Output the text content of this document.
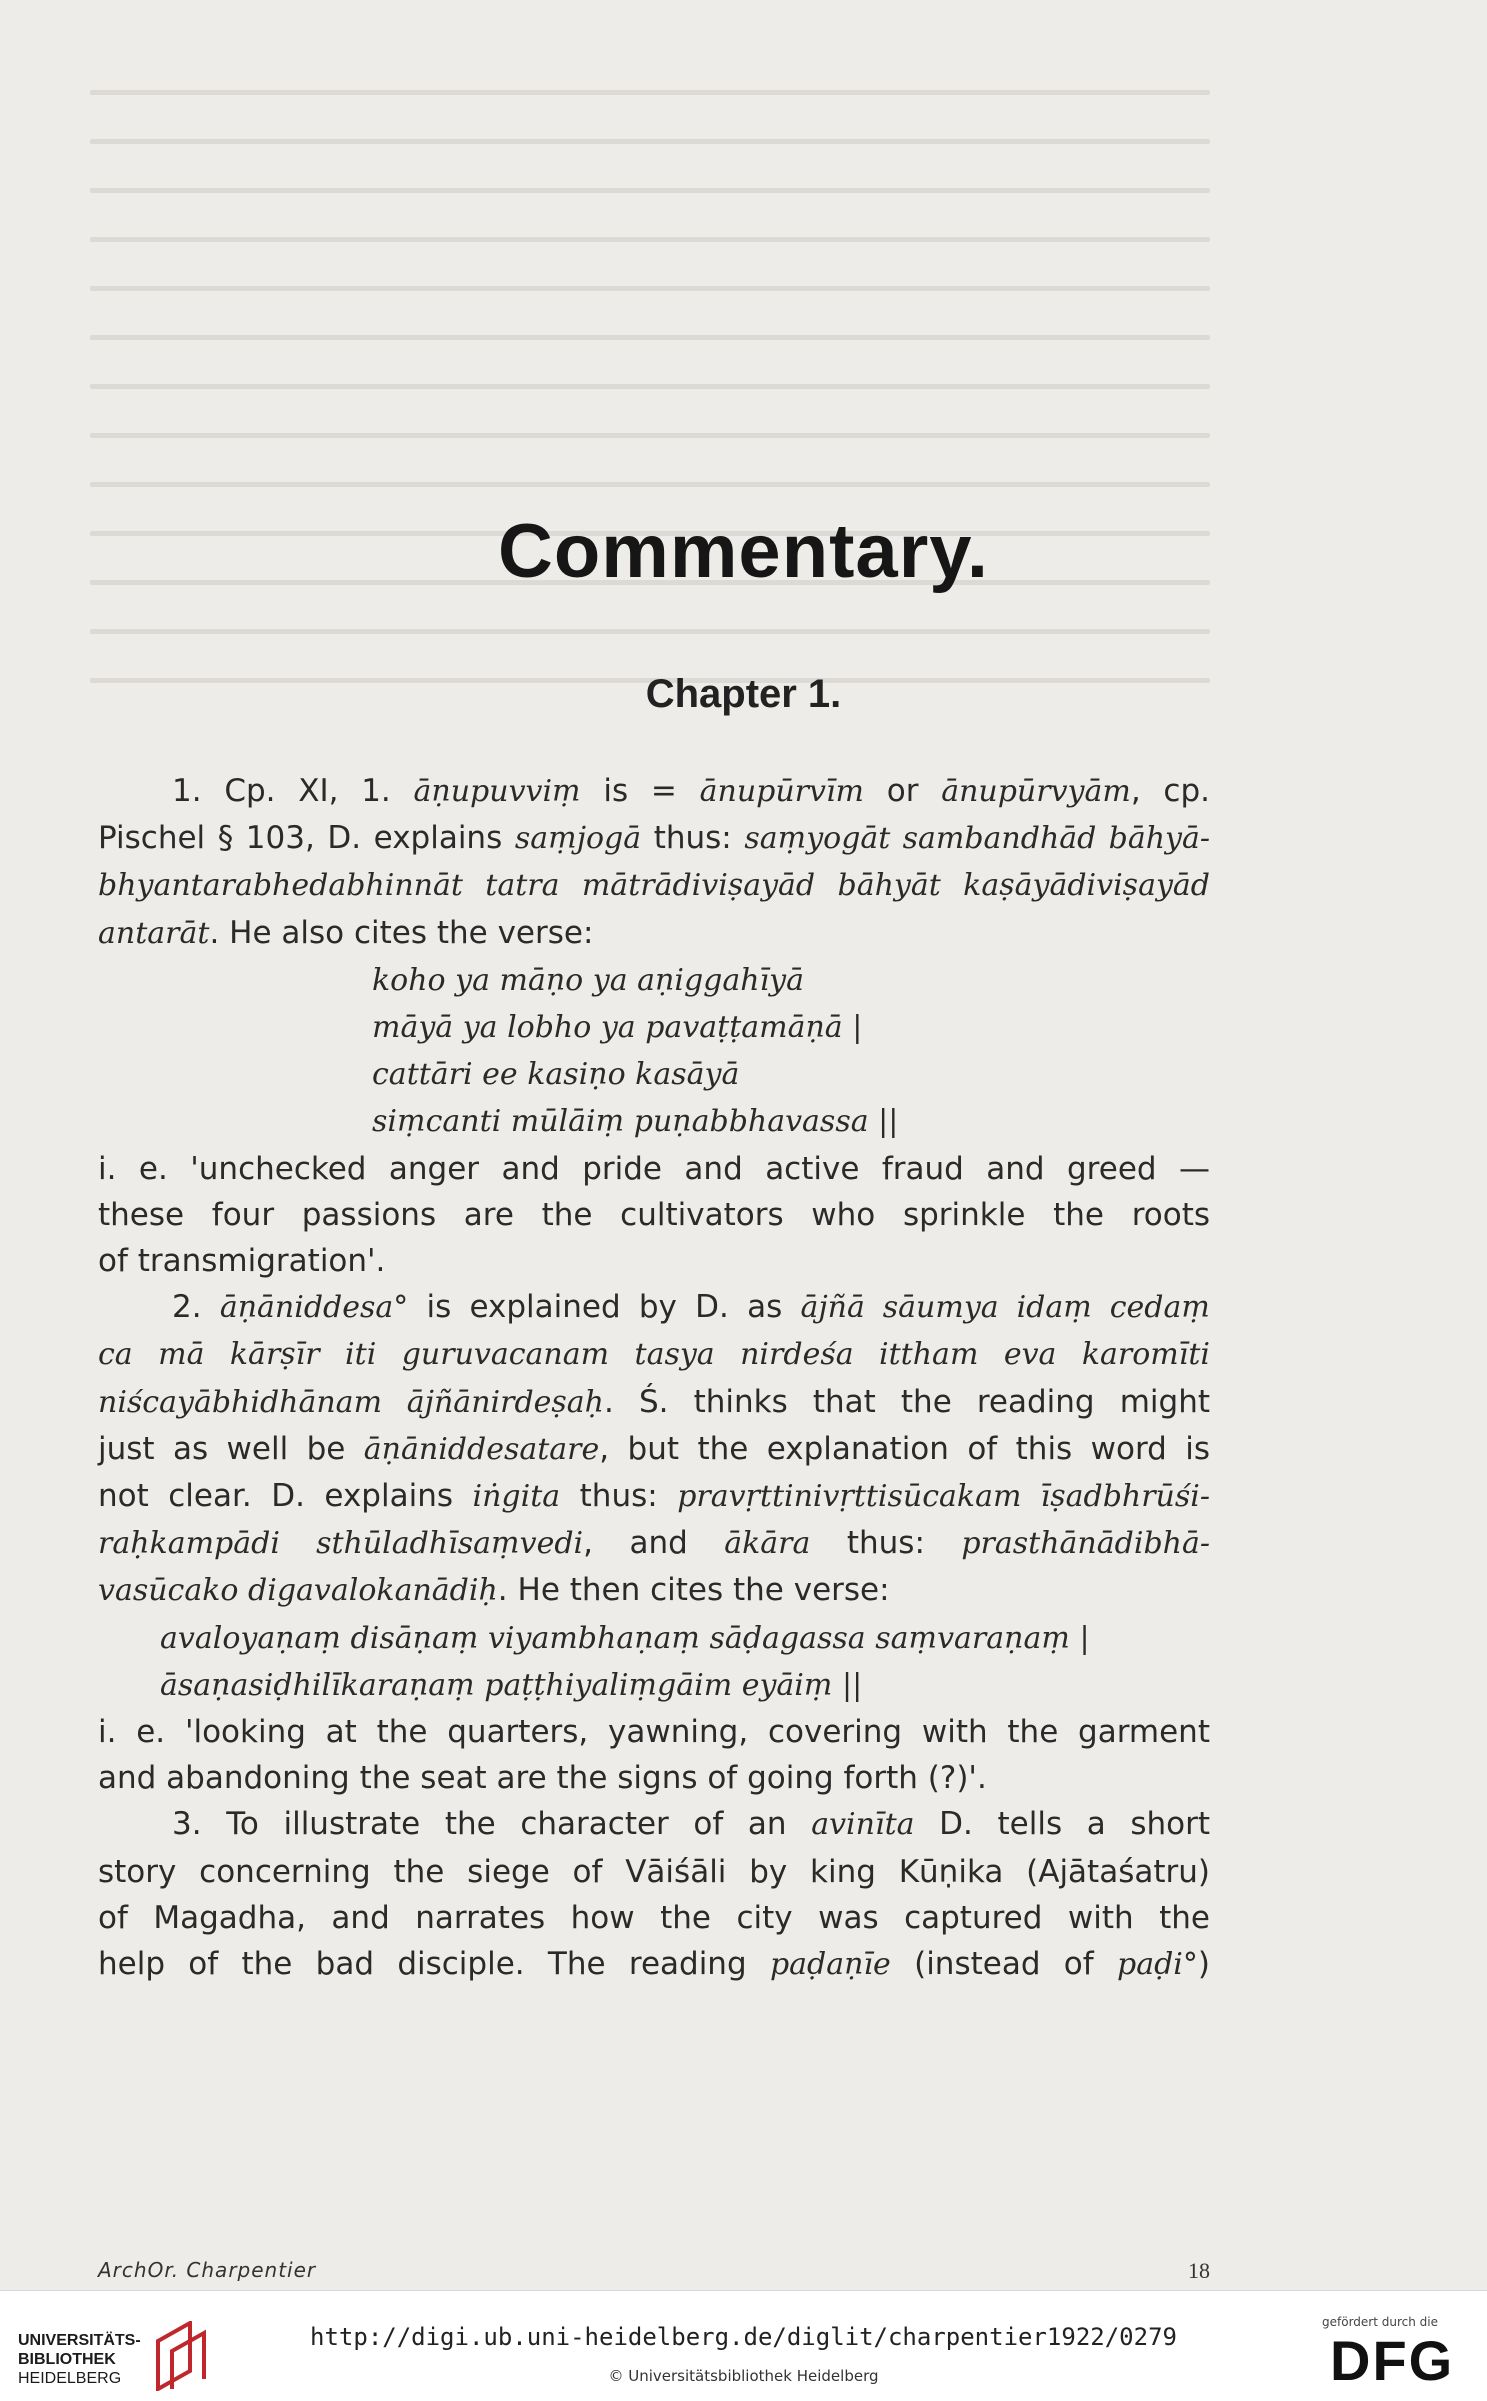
Commentary.
Chapter 1.

1. Cp. XI, 1. āṇupuvviṃ is = ānupūrvīm or ānupūrvyām, cp.

Pischel § 103, D. explains saṃjogā thus: saṃyogāt sambandhād bāhyā-

bhyantarabhedabhinnāt tatra mātrādiviṣayād bāhyāt kaṣāyādiviṣayād

antarāt. He also cites the verse:

koho ya māṇo ya aṇiggahīyā

māyā ya lobho ya pavaṭṭamāṇā |

cattāri ee kasiṇo kasāyā

siṃcanti mūlāiṃ puṇabbhavassa ||

i. e. 'unchecked anger and pride and active fraud and greed —

these four passions are the cultivators who sprinkle the roots

of transmigration'.

2. āṇāniddesa° is explained by D. as ājñā sāumya idaṃ cedaṃ

ca mā kārṣīr iti guruvacanam tasya nirdeśa ittham eva karomīti

niścayābhidhānam ājñānirdeṣaḥ. Ś. thinks that the reading might

just as well be āṇāniddesatare, but the explanation of this word is

not clear. D. explains iṅgita thus: pravṛttinivṛttisūcakam īṣadbhrūśi-

raḥkampādi sthūladhīsaṃvedi, and ākāra thus: prasthānādibhā-

vasūcako digavalokanādiḥ. He then cites the verse:

avaloyaṇaṃ disāṇaṃ viyambhaṇaṃ sāḍagassa saṃvaraṇaṃ |

āsaṇasiḍhilīkaraṇaṃ paṭṭhiyaliṃgāim eyāiṃ ||

i. e. 'looking at the quarters, yawning, covering with the garment

and abandoning the seat are the signs of going forth (?)'.

3. To illustrate the character of an avinīta D. tells a short

story concerning the siege of Vāiśāli by king Kūṇika (Ajātaśatru)

of Magadha, and narrates how the city was captured with the

help of the bad disciple. The reading paḍaṇīe (instead of paḍi°)

ArchOr. Charpentier	18
UNIVERSITÄTS-
BIBLIOTHEK
HEIDELBERG
http://digi.ub.uni-heidelberg.de/diglit/charpentier1922/0279
© Universitätsbibliothek Heidelberg
gefördert durch die
DFG
